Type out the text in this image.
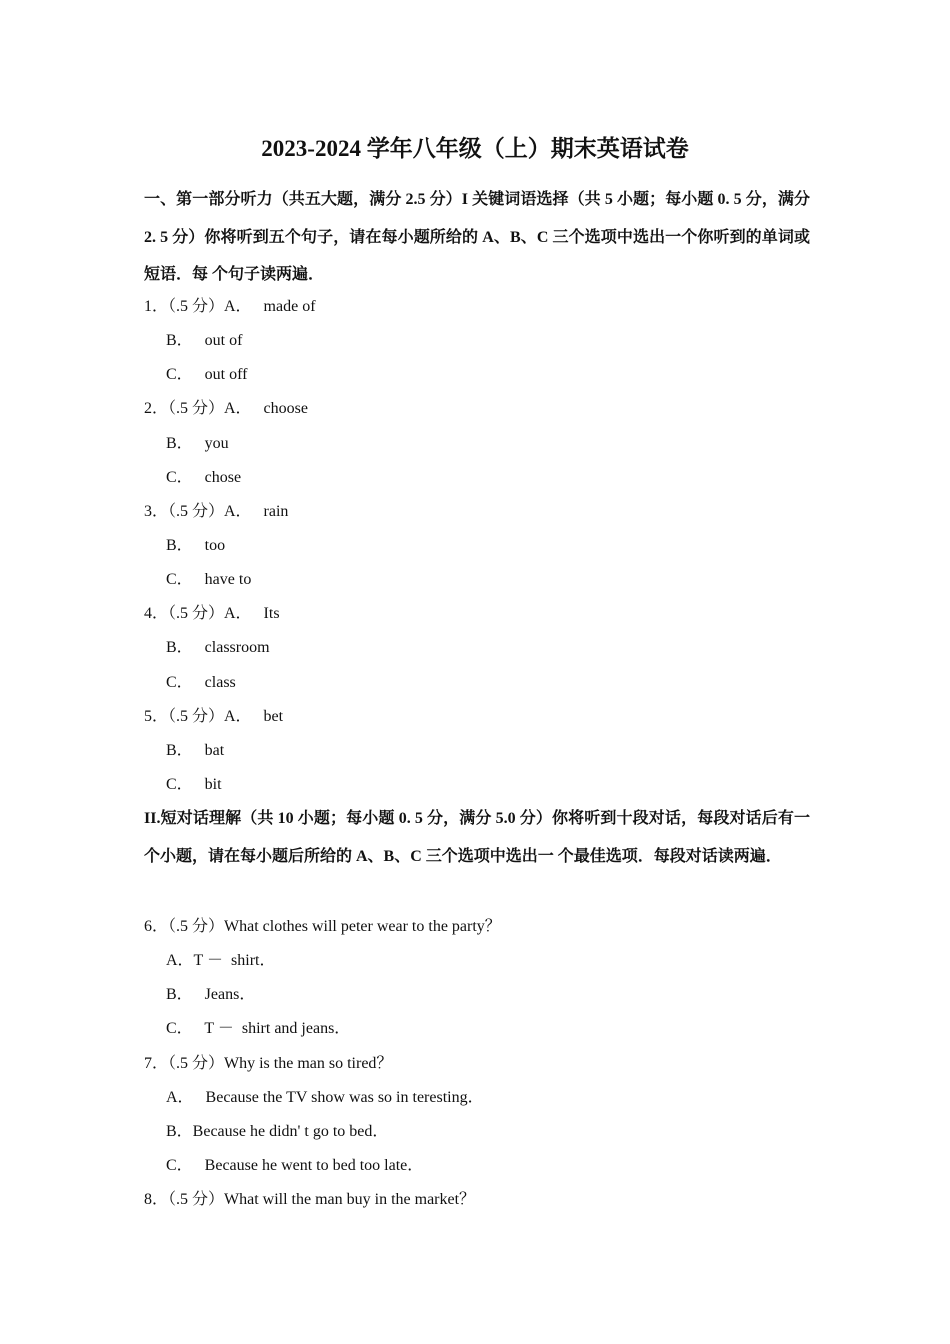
2023-2024 学年八年级（上）期末英语试卷
一、第一部分听力（共五大题，满分 2.5 分）I 关键词语选择（共 5 小题；每小题 0. 5 分，满分 2. 5 分）你将听到五个句子，请在每小题所给的 A、B、C 三个选项中选出一个你听到的单词或短语．每 个句子读两遍．
1．（.5 分）A．   made of
B．   out of
C．   out off
2．（.5 分）A．   choose
B．   you
C．   chose
3．（.5 分）A．   rain
B．   too
C．   have to
4．（.5 分）A．   Its
B．   classroom
C．   class
5．（.5 分）A．   bet
B．   bat
C．   bit
II.短对话理解（共 10 小题；每小题 0. 5 分，满分 5.0 分）你将听到十段对话，每段对话后有一个小题，请在每小题后所给的 A、B、C 三个选项中选出一 个最佳选项．每段对话读两遍．
6．（.5 分）What clothes will peter wear to the party？
A．T －  shirt．
B．   Jeans．
C．   T －  shirt and jeans．
7．（.5 分）Why is the man so tired？
A．   Because the TV show was so in teresting．
B．Because he didn' t go to bed．
C．   Because he went to bed too late．
8．（.5 分）What will the man buy in the market？
